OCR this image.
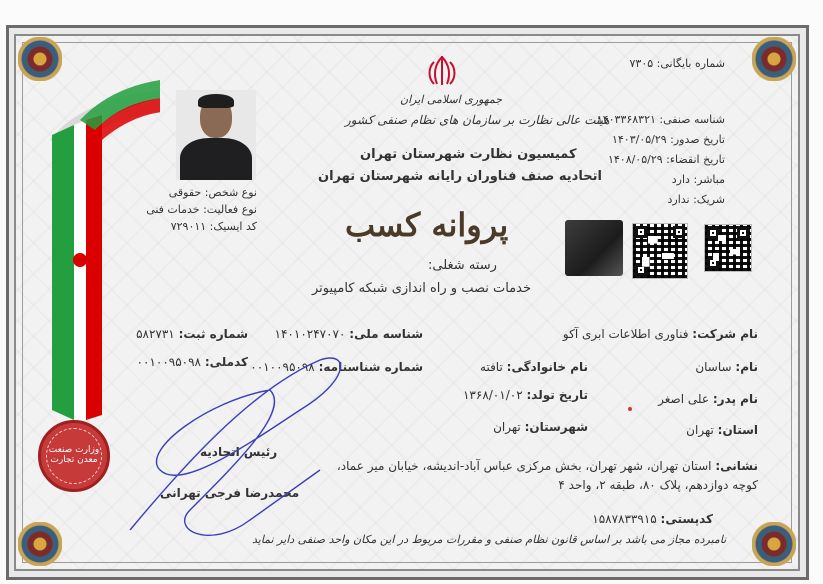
جمهوری اسلامی ایران
هیئت عالی نظارت بر سازمان های نظام صنفی کشور
کمیسیون نظارت شهرستان تهران
اتحادیه صنف فناوران رایانه شهرستان تهران
پروانه کسب
رسته شغلی:
خدمات نصب و راه اندازی شبکه کامپیوتر
شماره بایگانی: ۷۳۰۵
شناسه صنفی: ۱۴۰۳۳۶۸۳۲۱
تاریخ صدور: ۱۴۰۳/۰۵/۲۹
تاریخ انقضاء: ۱۴۰۸/۰۵/۲۹
مباشر: دارد
شریک: ندارد
نوع شخص: حقوقی
نوع فعالیت: خدمات فنی
کد ایسیک: ۷۲۹۰۱۱
نام شرکت: فناوری اطلاعات ابری آکو
شناسه ملی: ۱۴۰۱۰۲۴۷۰۷۰
شماره ثبت: ۵۸۲۷۳۱
نام: ساسان
نام خانوادگی: تافته
شماره شناسنامه: ۰۰۱۰۰۹۵۰۹۸
کدملی: ۰۰۱۰۰۹۵۰۹۸
نام پدر: علی اصغر
تاریخ تولد: ۱۳۶۸/۰۱/۰۲
استان: تهران
شهرستان: تهران
نشانی: استان تهران، شهر تهران، بخش مرکزی عباس آباد-اندیشه، خیابان میر عماد،
کوچه دوازدهم، پلاک ۸۰، طبقه ۲، واحد ۴
کدپستی: ۱۵۸۷۸۳۳۹۱۵
رئیس اتحادیه
محمدرضا فرجی تهرانی
وزارت صنعت معدن تجارت
نامبرده مجاز می باشد بر اساس قانون نظام صنفی و مقررات مربوط در این مکان واحد صنفی دایر نماید
